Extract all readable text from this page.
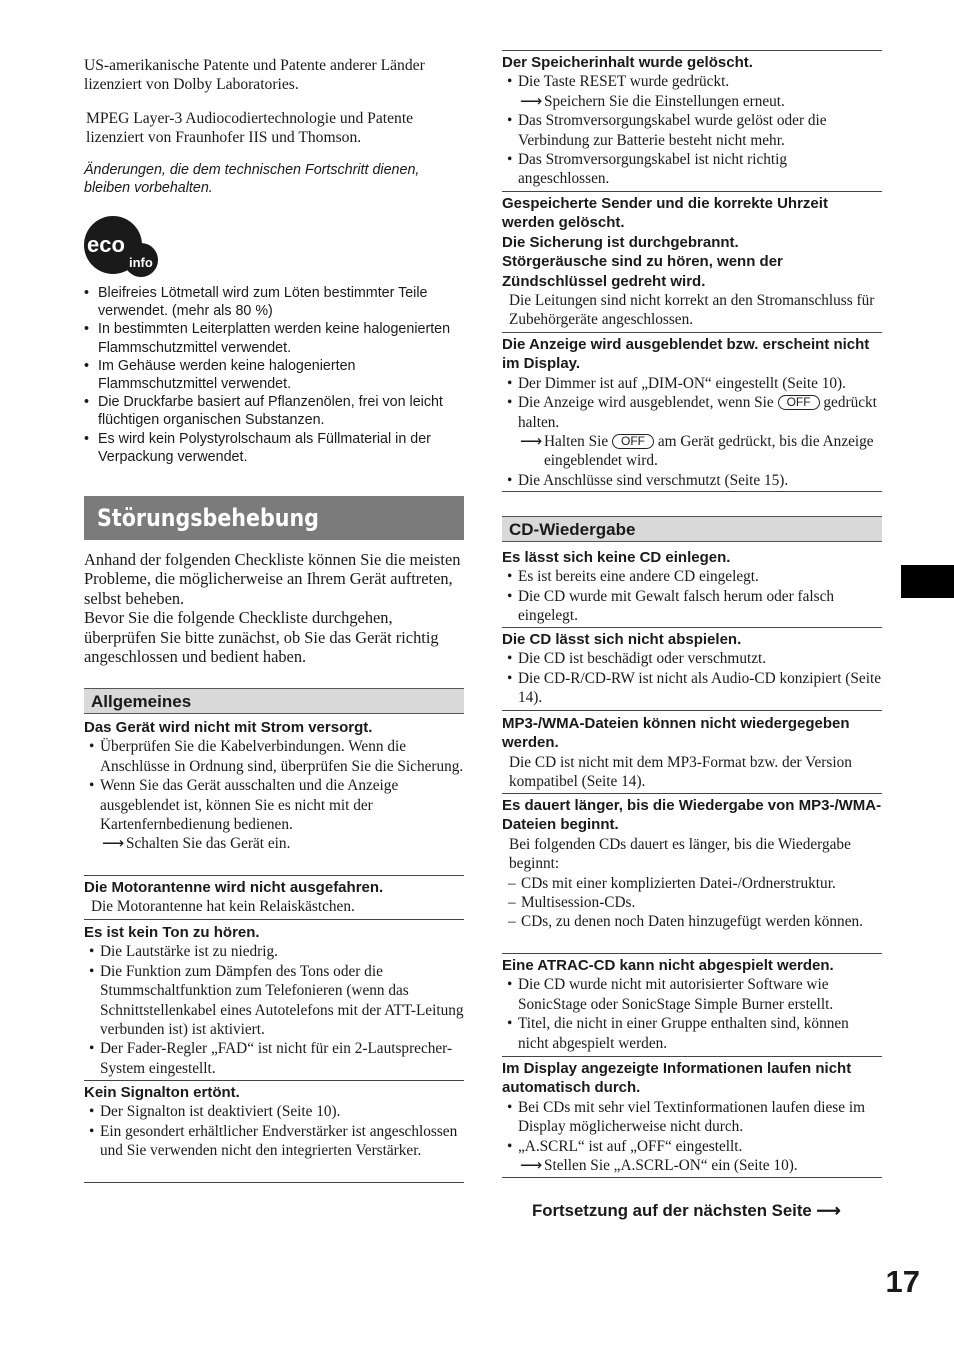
US-amerikanische Patente und Patente anderer Länder lizenziert von Dolby Laboratories.

MPEG Layer-3 Audiocodiertechnologie und Patente lizenziert von Fraunhofer IIS und Thomson.

Änderungen, die dem technischen Fortschritt dienen, bleiben vorbehalten.

eco
info
• Bleifreies Lötmetall wird zum Löten bestimmter Teile verwendet. (mehr als 80 %)
• In bestimmten Leiterplatten werden keine halogenierten Flammschutzmittel verwendet.
• Im Gehäuse werden keine halogenierten Flammschutzmittel verwendet.
• Die Druckfarbe basiert auf Pflanzenölen, frei von leicht flüchtigen organischen Substanzen.
• Es wird kein Polystyrolschaum als Füllmaterial in der Verpackung verwendet.
Störungsbehebung

Anhand der folgenden Checkliste können Sie die meisten Probleme, die möglicherweise an Ihrem Gerät auftreten, selbst beheben.
Bevor Sie die folgende Checkliste durchgehen, überprüfen Sie bitte zunächst, ob Sie das Gerät richtig angeschlossen und bedient haben.

Allgemeines
Das Gerät wird nicht mit Strom versorgt.
• Überprüfen Sie die Kabelverbindungen. Wenn die Anschlüsse in Ordnung sind, überprüfen Sie die Sicherung.
• Wenn Sie das Gerät ausschalten und die Anzeige ausgeblendet ist, können Sie es nicht mit der Kartenfernbedienung bedienen.
⟶ Schalten Sie das Gerät ein.
Die Motorantenne wird nicht ausgefahren.
Die Motorantenne hat kein Relaiskästchen.
Es ist kein Ton zu hören.
• Die Lautstärke ist zu niedrig.
• Die Funktion zum Dämpfen des Tons oder die Stummschaltfunktion zum Telefonieren (wenn das Schnittstellenkabel eines Autotelefons mit der ATT-Leitung verbunden ist) ist aktiviert.
• Der Fader-Regler „FAD“ ist nicht für ein 2-Lautsprecher-System eingestellt.
Kein Signalton ertönt.
• Der Signalton ist deaktiviert (Seite 10).
• Ein gesondert erhältlicher Endverstärker ist angeschlossen und Sie verwenden nicht den integrierten Verstärker.
Der Speicherinhalt wurde gelöscht.
• Die Taste RESET wurde gedrückt.
⟶ Speichern Sie die Einstellungen erneut.
• Das Stromversorgungskabel wurde gelöst oder die Verbindung zur Batterie besteht nicht mehr.
• Das Stromversorgungskabel ist nicht richtig angeschlossen.
Gespeicherte Sender und die korrekte Uhrzeit werden gelöscht.
Die Sicherung ist durchgebrannt.
Störgeräusche sind zu hören, wenn der Zündschlüssel gedreht wird.
Die Leitungen sind nicht korrekt an den Stromanschluss für Zubehörgeräte angeschlossen.
Die Anzeige wird ausgeblendet bzw. erscheint nicht im Display.
• Der Dimmer ist auf „DIM-ON“ eingestellt (Seite 10).
• Die Anzeige wird ausgeblendet, wenn Sie OFF gedrückt halten.
⟶ Halten Sie OFF am Gerät gedrückt, bis die Anzeige eingeblendet wird.
• Die Anschlüsse sind verschmutzt (Seite 15).
CD-Wiedergabe
Es lässt sich keine CD einlegen.
• Es ist bereits eine andere CD eingelegt.
• Die CD wurde mit Gewalt falsch herum oder falsch eingelegt.
Die CD lässt sich nicht abspielen.
• Die CD ist beschädigt oder verschmutzt.
• Die CD-R/CD-RW ist nicht als Audio-CD konzipiert (Seite 14).
MP3-/WMA-Dateien können nicht wiedergegeben werden.
Die CD ist nicht mit dem MP3-Format bzw. der Version kompatibel (Seite 14).
Es dauert länger, bis die Wiedergabe von MP3-/WMA-Dateien beginnt.
Bei folgenden CDs dauert es länger, bis die Wiedergabe beginnt:
– CDs mit einer komplizierten Datei-/Ordnerstruktur.
– Multisession-CDs.
– CDs, zu denen noch Daten hinzugefügt werden können.
Eine ATRAC-CD kann nicht abgespielt werden.
• Die CD wurde nicht mit autorisierter Software wie SonicStage oder SonicStage Simple Burner erstellt.
• Titel, die nicht in einer Gruppe enthalten sind, können nicht abgespielt werden.
Im Display angezeigte Informationen laufen nicht automatisch durch.
• Bei CDs mit sehr viel Textinformationen laufen diese im Display möglicherweise nicht durch.
• „A.SCRL“ ist auf „OFF“ eingestellt.
⟶ Stellen Sie „A.SCRL-ON“ ein (Seite 10).
Fortsetzung auf der nächsten Seite ⟶
17
